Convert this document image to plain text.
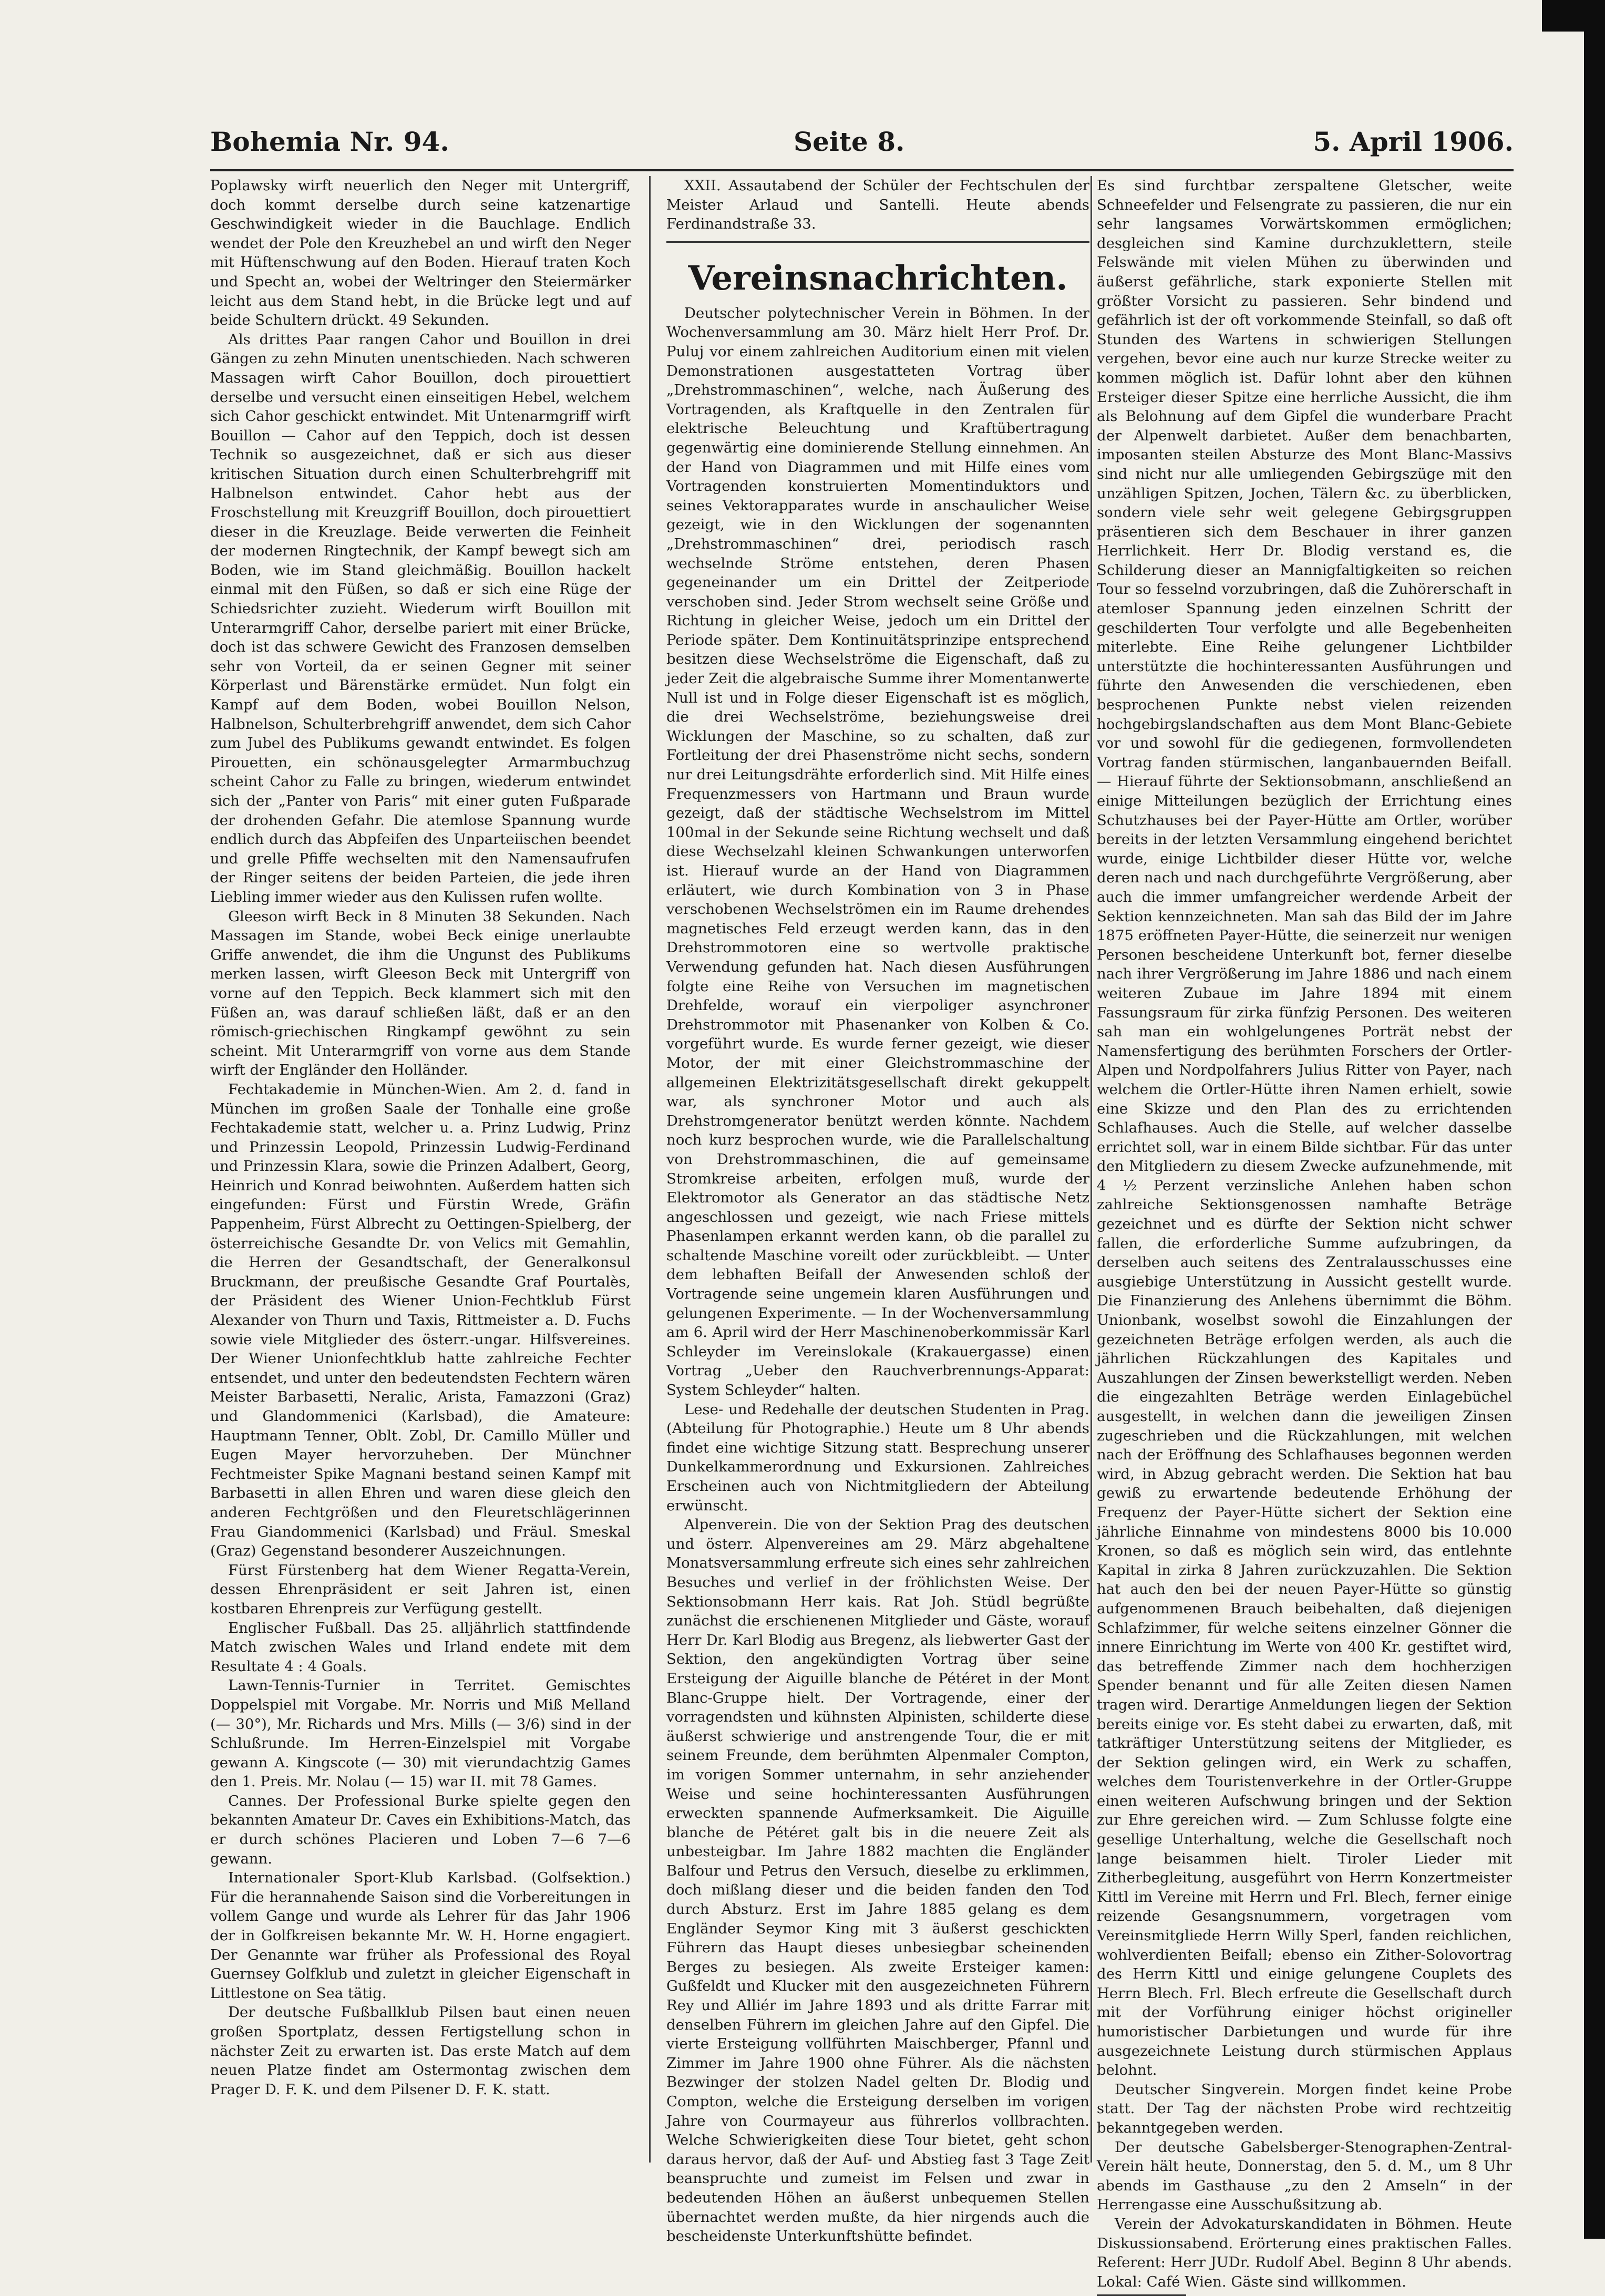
Bohemia Nr. 94.	Seite 8.	5. April 1906.

Poplawsky wirft neuerlich den Neger mit Untergriff, doch kommt derselbe durch seine katzenartige Geschwindigkeit wieder in die Bauchlage. Endlich wendet der Pole den Kreuzhebel an und wirft den Neger mit Hüftenschwung auf den Boden. Hierauf traten Koch und Specht an, wobei der Weltringer den Steiermärker leicht aus dem Stand hebt, in die Brücke legt und auf beide Schultern drückt. 49 Sekunden.

Als drittes Paar rangen Cahor und Bouillon in drei Gängen zu zehn Minuten unentschieden. Nach schweren Massagen wirft Cahor Bouillon, doch pirouettiert derselbe und versucht einen einseitigen Hebel, welchem sich Cahor geschickt entwindet. Mit Untenarmgriff wirft Bouillon — Cahor auf den Teppich, doch ist dessen Technik so ausgezeichnet, daß er sich aus dieser kritischen Situation durch einen Schulterbrehgriff mit Halbnelson entwindet. Cahor hebt aus der Froschstellung mit Kreuzgriff Bouillon, doch pirouettiert dieser in die Kreuzlage. Beide verwerten die Feinheit der modernen Ringtechnik, der Kampf bewegt sich am Boden, wie im Stand gleichmäßig. Bouillon hackelt einmal mit den Füßen, so daß er sich eine Rüge der Schiedsrichter zuzieht. Wiederum wirft Bouillon mit Unterarmgriff Cahor, derselbe pariert mit einer Brücke, doch ist das schwere Gewicht des Franzosen demselben sehr von Vorteil, da er seinen Gegner mit seiner Körperlast und Bärenstärke ermüdet. Nun folgt ein Kampf auf dem Boden, wobei Bouillon Nelson, Halbnelson, Schulterbrehgriff anwendet, dem sich Cahor zum Jubel des Publikums gewandt entwindet. Es folgen Pirouetten, ein schönausgelegter Armarmbuchzug scheint Cahor zu Falle zu bringen, wiederum entwindet sich der „Panter von Paris“ mit einer guten Fußparade der drohenden Gefahr. Die atemlose Spannung wurde endlich durch das Abpfeifen des Unparteiischen beendet und grelle Pfiffe wechselten mit den Namensaufrufen der Ringer seitens der beiden Parteien, die jede ihren Liebling immer wieder aus den Kulissen rufen wollte.

Gleeson wirft Beck in 8 Minuten 38 Sekunden. Nach Massagen im Stande, wobei Beck einige unerlaubte Griffe anwendet, die ihm die Ungunst des Publikums merken lassen, wirft Gleeson Beck mit Untergriff von vorne auf den Teppich. Beck klammert sich mit den Füßen an, was darauf schließen läßt, daß er an den römisch-griechischen Ringkampf gewöhnt zu sein scheint. Mit Unterarmgriff von vorne aus dem Stande wirft der Engländer den Holländer.

Fechtakademie in München-Wien. Am 2. d. fand in München im großen Saale der Tonhalle eine große Fechtakademie statt, welcher u. a. Prinz Ludwig, Prinz und Prinzessin Leopold, Prinzessin Ludwig-Ferdinand und Prinzessin Klara, sowie die Prinzen Adalbert, Georg, Heinrich und Konrad beiwohnten. Außerdem hatten sich eingefunden: Fürst und Fürstin Wrede, Gräfin Pappenheim, Fürst Albrecht zu Oettingen-Spielberg, der österreichische Gesandte Dr. von Velics mit Gemahlin, die Herren der Gesandtschaft, der Generalkonsul Bruckmann, der preußische Gesandte Graf Pourtalès, der Präsident des Wiener Union-Fechtklub Fürst Alexander von Thurn und Taxis, Rittmeister a. D. Fuchs sowie viele Mitglieder des österr.-ungar. Hilfsvereines. Der Wiener Unionfechtklub hatte zahlreiche Fechter entsendet, und unter den bedeutendsten Fechtern wären Meister Barbasetti, Neralic, Arista, Famazzoni (Graz) und Glandommenici (Karlsbad), die Amateure: Hauptmann Tenner, Oblt. Zobl, Dr. Camillo Müller und Eugen Mayer hervorzuheben. Der Münchner Fechtmeister Spike Magnani bestand seinen Kampf mit Barbasetti in allen Ehren und waren diese gleich den anderen Fechtgrößen und den Fleuretschlägerinnen Frau Giandommenici (Karlsbad) und Fräul. Smeskal (Graz) Gegenstand besonderer Auszeichnungen.

Fürst Fürstenberg hat dem Wiener Regatta-Verein, dessen Ehrenpräsident er seit Jahren ist, einen kostbaren Ehrenpreis zur Verfügung gestellt.

Englischer Fußball. Das 25. alljährlich stattfindende Match zwischen Wales und Irland endete mit dem Resultate 4 : 4 Goals.

Lawn-Tennis-Turnier in Territet. Gemischtes Doppelspiel mit Vorgabe. Mr. Norris und Miß Melland (— 30°), Mr. Richards und Mrs. Mills (— 3/6) sind in der Schlußrunde. Im Herren-Einzelspiel mit Vorgabe gewann A. Kingscote (— 30) mit vierundachtzig Games den 1. Preis. Mr. Nolau (— 15) war II. mit 78 Games.

Cannes. Der Professional Burke spielte gegen den bekannten Amateur Dr. Caves ein Exhibitions-Match, das er durch schönes Placieren und Loben 7—6 7—6 gewann.

Internationaler Sport-Klub Karlsbad. (Golfsektion.) Für die herannahende Saison sind die Vorbereitungen in vollem Gange und wurde als Lehrer für das Jahr 1906 der in Golfkreisen bekannte Mr. W. H. Horne engagiert. Der Genannte war früher als Professional des Royal Guernsey Golfklub und zuletzt in gleicher Eigenschaft in Littlestone on Sea tätig.

Der deutsche Fußballklub Pilsen baut einen neuen großen Sportplatz, dessen Fertigstellung schon in nächster Zeit zu erwarten ist. Das erste Match auf dem neuen Platze findet am Ostermontag zwischen dem Prager D. F. K. und dem Pilsener D. F. K. statt.

XXII. Assautabend der Schüler der Fechtschulen der Meister Arlaud und Santelli. Heute abends Ferdinandstraße 33.

Vereinsnachrichten.

Deutscher polytechnischer Verein in Böhmen. In der Wochenversammlung am 30. März hielt Herr Prof. Dr. Puluj vor einem zahlreichen Auditorium einen mit vielen Demonstrationen ausgestatteten Vortrag über „Drehstrommaschinen“, welche, nach Äußerung des Vortragenden, als Kraftquelle in den Zentralen für elektrische Beleuchtung und Kraftübertragung gegenwärtig eine dominierende Stellung einnehmen. An der Hand von Diagrammen und mit Hilfe eines vom Vortragenden konstruierten Momentinduktors und seines Vektorapparates wurde in anschaulicher Weise gezeigt, wie in den Wicklungen der sogenannten „Drehstrommaschinen“ drei, periodisch rasch wechselnde Ströme entstehen, deren Phasen gegeneinander um ein Drittel der Zeitperiode verschoben sind. Jeder Strom wechselt seine Größe und Richtung in gleicher Weise, jedoch um ein Drittel der Periode später. Dem Kontinuitätsprinzipe entsprechend besitzen diese Wechselströme die Eigenschaft, daß zu jeder Zeit die algebraische Summe ihrer Momentanwerte Null ist und in Folge dieser Eigenschaft ist es möglich, die drei Wechselströme, beziehungsweise drei Wicklungen der Maschine, so zu schalten, daß zur Fortleitung der drei Phasenströme nicht sechs, sondern nur drei Leitungsdrähte erforderlich sind. Mit Hilfe eines Frequenzmessers von Hartmann und Braun wurde gezeigt, daß der städtische Wechselstrom im Mittel 100mal in der Sekunde seine Richtung wechselt und daß diese Wechselzahl kleinen Schwankungen unterworfen ist. Hierauf wurde an der Hand von Diagrammen erläutert, wie durch Kombination von 3 in Phase verschobenen Wechselströmen ein im Raume drehendes magnetisches Feld erzeugt werden kann, das in den Drehstrommotoren eine so wertvolle praktische Verwendung gefunden hat. Nach diesen Ausführungen folgte eine Reihe von Versuchen im magnetischen Drehfelde, worauf ein vierpoliger asynchroner Drehstrommotor mit Phasenanker von Kolben & Co. vorgeführt wurde. Es wurde ferner gezeigt, wie dieser Motor, der mit einer Gleichstrommaschine der allgemeinen Elektrizitätsgesellschaft direkt gekuppelt war, als synchroner Motor und auch als Drehstromgenerator benützt werden könnte. Nachdem noch kurz besprochen wurde, wie die Parallelschaltung von Drehstrommaschinen, die auf gemeinsame Stromkreise arbeiten, erfolgen muß, wurde der Elektromotor als Generator an das städtische Netz angeschlossen und gezeigt, wie nach Friese mittels Phasenlampen erkannt werden kann, ob die parallel zu schaltende Maschine voreilt oder zurückbleibt. — Unter dem lebhaften Beifall der Anwesenden schloß der Vortragende seine ungemein klaren Ausführungen und gelungenen Experimente. — In der Wochenversammlung am 6. April wird der Herr Maschinenoberkommissär Karl Schleyder im Vereinslokale (Krakauergasse) einen Vortrag „Ueber den Rauchverbrennungs-Apparat: System Schleyder“ halten.

Lese- und Redehalle der deutschen Studenten in Prag. (Abteilung für Photographie.) Heute um 8 Uhr abends findet eine wichtige Sitzung statt. Besprechung unserer Dunkelkammerordnung und Exkursionen. Zahlreiches Erscheinen auch von Nichtmitgliedern der Abteilung erwünscht.

Alpenverein. Die von der Sektion Prag des deutschen und österr. Alpenvereines am 29. März abgehaltene Monatsversammlung erfreute sich eines sehr zahlreichen Besuches und verlief in der fröhlichsten Weise. Der Sektionsobmann Herr kais. Rat Joh. Stüdl begrüßte zunächst die erschienenen Mitglieder und Gäste, worauf Herr Dr. Karl Blodig aus Bregenz, als liebwerter Gast der Sektion, den angekündigten Vortrag über seine Ersteigung der Aiguille blanche de Pétéret in der Mont Blanc-Gruppe hielt. Der Vortragende, einer der vorragendsten und kühnsten Alpinisten, schilderte diese äußerst schwierige und anstrengende Tour, die er mit seinem Freunde, dem berühmten Alpenmaler Compton, im vorigen Sommer unternahm, in sehr anziehender Weise und seine hochinteressanten Ausführungen erweckten spannende Aufmerksamkeit. Die Aiguille blanche de Pétéret galt bis in die neuere Zeit als unbesteigbar. Im Jahre 1882 machten die Engländer Balfour und Petrus den Versuch, dieselbe zu erklimmen, doch mißlang dieser und die beiden fanden den Tod durch Absturz. Erst im Jahre 1885 gelang es dem Engländer Seymor King mit 3 äußerst geschickten Führern das Haupt dieses unbesiegbar scheinenden Berges zu besiegen. Als zweite Ersteiger kamen: Gußfeldt und Klucker mit den ausgezeichneten Führern Rey und Alliér im Jahre 1893 und als dritte Farrar mit denselben Führern im gleichen Jahre auf den Gipfel. Die vierte Ersteigung vollführten Maischberger, Pfannl und Zimmer im Jahre 1900 ohne Führer. Als die nächsten Bezwinger der stolzen Nadel gelten Dr. Blodig und Compton, welche die Ersteigung derselben im vorigen Jahre von Courmayeur aus führerlos vollbrachten. Welche Schwierigkeiten diese Tour bietet, geht schon daraus hervor, daß der Auf- und Abstieg fast 3 Tage Zeit beanspruchte und zumeist im Felsen und zwar in bedeutenden Höhen an äußerst unbequemen Stellen übernachtet werden mußte, da hier nirgends auch die bescheidenste Unterkunftshütte befindet.

Es sind furchtbar zerspaltene Gletscher, weite Schneefelder und Felsengrate zu passieren, die nur ein sehr langsames Vorwärtskommen ermöglichen; desgleichen sind Kamine durchzuklettern, steile Felswände mit vielen Mühen zu überwinden und äußerst gefährliche, stark exponierte Stellen mit größter Vorsicht zu passieren. Sehr bindend und gefährlich ist der oft vorkommende Steinfall, so daß oft Stunden des Wartens in schwierigen Stellungen vergehen, bevor eine auch nur kurze Strecke weiter zu kommen möglich ist. Dafür lohnt aber den kühnen Ersteiger dieser Spitze eine herrliche Aussicht, die ihm als Belohnung auf dem Gipfel die wunderbare Pracht der Alpenwelt darbietet. Außer dem benachbarten, imposanten steilen Absturze des Mont Blanc-Massivs sind nicht nur alle umliegenden Gebirgszüge mit den unzähligen Spitzen, Jochen, Tälern &c. zu überblicken, sondern viele sehr weit gelegene Gebirgsgruppen präsentieren sich dem Beschauer in ihrer ganzen Herrlichkeit. Herr Dr. Blodig verstand es, die Schilderung dieser an Mannigfaltigkeiten so reichen Tour so fesselnd vorzubringen, daß die Zuhörerschaft in atemloser Spannung jeden einzelnen Schritt der geschilderten Tour verfolgte und alle Begebenheiten miterlebte. Eine Reihe gelungener Lichtbilder unterstützte die hochinteressanten Ausführungen und führte den Anwesenden die verschiedenen, eben besprochenen Punkte nebst vielen reizenden hochgebirgslandschaften aus dem Mont Blanc-Gebiete vor und sowohl für die gediegenen, formvollendeten Vortrag fanden stürmischen, langanbauernden Beifall. — Hierauf führte der Sektionsobmann, anschließend an einige Mitteilungen bezüglich der Errichtung eines Schutzhauses bei der Payer-Hütte am Ortler, worüber bereits in der letzten Versammlung eingehend berichtet wurde, einige Lichtbilder dieser Hütte vor, welche deren nach und nach durchgeführte Vergrößerung, aber auch die immer umfangreicher werdende Arbeit der Sektion kennzeichneten. Man sah das Bild der im Jahre 1875 eröffneten Payer-Hütte, die seinerzeit nur wenigen Personen bescheidene Unterkunft bot, ferner dieselbe nach ihrer Vergrößerung im Jahre 1886 und nach einem weiteren Zubaue im Jahre 1894 mit einem Fassungsraum für zirka fünfzig Personen. Des weiteren sah man ein wohlgelungenes Porträt nebst der Namensfertigung des berühmten Forschers der Ortler-Alpen und Nordpolfahrers Julius Ritter von Payer, nach welchem die Ortler-Hütte ihren Namen erhielt, sowie eine Skizze und den Plan des zu errichtenden Schlafhauses. Auch die Stelle, auf welcher dasselbe errichtet soll, war in einem Bilde sichtbar. Für das unter den Mitgliedern zu diesem Zwecke aufzunehmende, mit 4 ½ Perzent verzinsliche Anlehen haben schon zahlreiche Sektionsgenossen namhafte Beträge gezeichnet und es dürfte der Sektion nicht schwer fallen, die erforderliche Summe aufzubringen, da derselben auch seitens des Zentralausschusses eine ausgiebige Unterstützung in Aussicht gestellt wurde. Die Finanzierung des Anlehens übernimmt die Böhm. Unionbank, woselbst sowohl die Einzahlungen der gezeichneten Beträge erfolgen werden, als auch die jährlichen Rückzahlungen des Kapitales und Auszahlungen der Zinsen bewerkstelligt werden. Neben die eingezahlten Beträge werden Einlagebüchel ausgestellt, in welchen dann die jeweiligen Zinsen zugeschrieben und die Rückzahlungen, mit welchen nach der Eröffnung des Schlafhauses begonnen werden wird, in Abzug gebracht werden. Die Sektion hat bau gewiß zu erwartende bedeutende Erhöhung der Frequenz der Payer-Hütte sichert der Sektion eine jährliche Einnahme von mindestens 8000 bis 10.000 Kronen, so daß es möglich sein wird, das entlehnte Kapital in zirka 8 Jahren zurückzuzahlen. Die Sektion hat auch den bei der neuen Payer-Hütte so günstig aufgenommenen Brauch beibehalten, daß diejenigen Schlafzimmer, für welche seitens einzelner Gönner die innere Einrichtung im Werte von 400 Kr. gestiftet wird, das betreffende Zimmer nach dem hochherzigen Spender benannt und für alle Zeiten diesen Namen tragen wird. Derartige Anmeldungen liegen der Sektion bereits einige vor. Es steht dabei zu erwarten, daß, mit tatkräftiger Unterstützung seitens der Mitglieder, es der Sektion gelingen wird, ein Werk zu schaffen, welches dem Touristenverkehre in der Ortler-Gruppe einen weiteren Aufschwung bringen und der Sektion zur Ehre gereichen wird. — Zum Schlusse folgte eine gesellige Unterhaltung, welche die Gesellschaft noch lange beisammen hielt. Tiroler Lieder mit Zitherbegleitung, ausgeführt von Herrn Konzertmeister Kittl im Vereine mit Herrn und Frl. Blech, ferner einige reizende Gesangsnummern, vorgetragen vom Vereinsmitgliede Herrn Willy Sperl, fanden reichlichen, wohlverdienten Beifall; ebenso ein Zither-Solovortrag des Herrn Kittl und einige gelungene Couplets des Herrn Blech. Frl. Blech erfreute die Gesellschaft durch mit der Vorführung einiger höchst origineller humoristischer Darbietungen und wurde für ihre ausgezeichnete Leistung durch stürmischen Applaus belohnt.

Deutscher Singverein. Morgen findet keine Probe statt. Der Tag der nächsten Probe wird rechtzeitig bekanntgegeben werden.

Der deutsche Gabelsberger-Stenographen-Zentral-Verein hält heute, Donnerstag, den 5. d. M., um 8 Uhr abends im Gasthause „zu den 2 Amseln“ in der Herrengasse eine Ausschußsitzung ab.

Verein der Advokaturskandidaten in Böhmen. Heute Diskussionsabend. Erörterung eines praktischen Falles. Referent: Herr JUDr. Rudolf Abel. Beginn 8 Uhr abends. Lokal: Café Wien. Gäste sind willkommen.
